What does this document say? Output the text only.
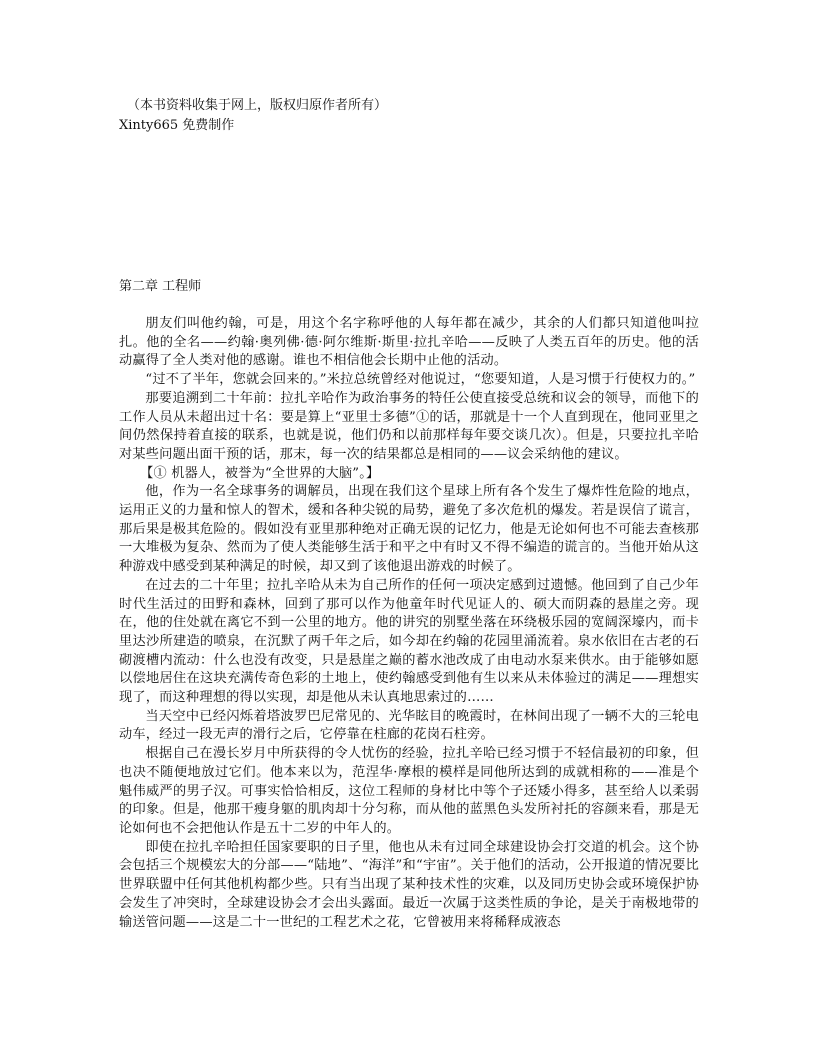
（本书资料收集于网上，版权归原作者所有）
Xinty665 免费制作
第二章 工程师

朋友们叫他约翰，可是，用这个名字称呼他的人每年都在减少，其余的人们都只知道他叫拉扎。他的全名——约翰·奥列佛·德·阿尔维斯·斯里·拉扎辛哈——反映了人类五百年的历史。他的活动赢得了全人类对他的感谢。谁也不相信他会长期中止他的活动。

“过不了半年，您就会回来的。”米拉总统曾经对他说过，“您要知道，人是习惯于行使权力的。”

那要追溯到二十年前：拉扎辛哈作为政治事务的特任公使直接受总统和议会的领导，而他下的工作人员从未超出过十名：要是算上“亚里士多德”①的话，那就是十一个人直到现在，他同亚里之间仍然保持着直接的联系，也就是说，他们仍和以前那样每年要交谈几次）。但是，只要拉扎辛哈对某些问题出面干预的话，那末，每一次的结果都总是相同的——议会采纳他的建议。

【① 机器人，被誉为“全世界的大脑”。】

他，作为一名全球事务的调解员，出现在我们这个星球上所有各个发生了爆炸性危险的地点，运用正义的力量和惊人的智术，缓和各种尖锐的局势，避免了多次危机的爆发。若是误信了谎言，那后果是极其危险的。假如没有亚里那种绝对正确无误的记忆力，他是无论如何也不可能去查核那一大堆极为复杂、然而为了使人类能够生活于和平之中有时又不得不编造的谎言的。当他开始从这种游戏中感受到某种满足的时候，却又到了该他退出游戏的时候了。

在过去的二十年里；拉扎辛哈从未为自己所作的任何一项决定感到过遗憾。他回到了自己少年时代生活过的田野和森林，回到了那可以作为他童年时代见证人的、硕大而阴森的悬崖之旁。现在，他的住处就在离它不到一公里的地方。他的讲究的别墅坐落在环绕极乐园的宽阔深壕内，而卡里达沙所建造的喷泉，在沉默了两千年之后，如今却在约翰的花园里涌流着。泉水依旧在古老的石砌渡槽内流动：什么也没有改变，只是悬崖之巅的蓄水池改成了由电动水泵来供水。由于能够如愿以偿地居住在这块充满传奇色彩的土地上，使约翰感受到他有生以来从未体验过的满足——理想实现了，而这种理想的得以实现，却是他从未认真地思索过的……

当天空中已经闪烁着塔波罗巴尼常见的、光华眩目的晚霞时，在林间出现了一辆不大的三轮电动车，经过一段无声的滑行之后，它停靠在柱廊的花岗石柱旁。

根据自己在漫长岁月中所获得的令人忧伤的经验，拉扎辛哈已经习惯于不轻信最初的印象，但也决不随便地放过它们。他本来以为，范涅华·摩根的模样是同他所达到的成就相称的——准是个魁伟威严的男子汉。可事实恰恰相反，这位工程师的身材比中等个子还矮小得多，甚至给人以柔弱的印象。但是，他那干瘦身躯的肌肉却十分匀称，而从他的蓝黑色头发所衬托的容颜来看，那是无论如何也不会把他认作是五十二岁的中年人的。

即使在拉扎辛哈担任国家要职的日子里，他也从未有过同全球建设协会打交道的机会。这个协会包括三个规模宏大的分部——“陆地”、“海洋”和“宇宙”。关于他们的活动，公开报道的情况要比世界联盟中任何其他机构都少些。只有当出现了某种技术性的灾难，以及同历史协会或环境保护协会发生了冲突时，全球建设协会才会出头露面。最近一次属于这类性质的争论，是关于南极地带的输送管问题——这是二十一世纪的工程艺术之花，它曾被用来将稀释成液态
